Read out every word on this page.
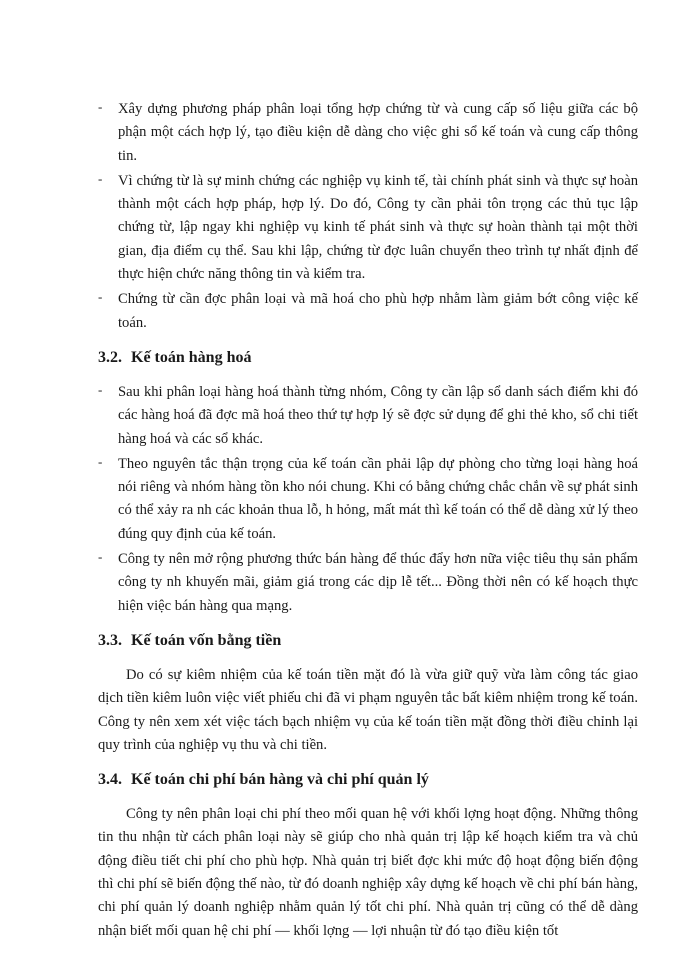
- Xây dựng phương pháp phân loại tổng hợp chứng từ và cung cấp số liệu giữa các bộ phận một cách hợp lý, tạo điều kiện dễ dàng cho việc ghi sổ kế toán và cung cấp thông tin.
- Vì chứng từ là sự minh chứng các nghiệp vụ kinh tế, tài chính phát sinh và thực sự hoàn thành một cách hợp pháp, hợp lý. Do đó, Công ty cần phải tôn trọng các thủ tục lập chứng từ, lập ngay khi nghiệp vụ kinh tế phát sinh và thực sự hoàn thành tại một thời gian, địa điểm cụ thể. Sau khi lập, chứng từ đợc luân chuyển theo trình tự nhất định để thực hiện chức năng thông tin và kiểm tra.
- Chứng từ cần đợc phân loại và mã hoá cho phù hợp nhằm làm giảm bớt công việc kế toán.
3.2. Kế toán hàng hoá
- Sau khi phân loại hàng hoá thành từng nhóm, Công ty cần lập sổ danh sách điểm khi đó các hàng hoá đã đợc mã hoá theo thứ tự hợp lý sẽ đợc sử dụng để ghi thẻ kho, sổ chi tiết hàng hoá và các sổ khác.
- Theo nguyên tắc thận trọng của kế toán cần phải lập dự phòng cho từng loại hàng hoá nói riêng và nhóm hàng tồn kho nói chung. Khi có bằng chứng chắc chắn về sự phát sinh có thể xảy ra nh các khoản thua lỗ, h hỏng, mất mát thì kế toán có thể dễ dàng xử lý theo đúng quy định của kế toán.
- Công ty nên mở rộng phương thức bán hàng để thúc đẩy hơn nữa việc tiêu thụ sản phẩm công ty nh khuyến mãi, giảm giá trong các dịp lễ tết... Đồng thời nên có kế hoạch thực hiện việc bán hàng qua mạng.
3.3. Kế toán vốn bằng tiền

Do có sự kiêm nhiệm của kế toán tiền mặt đó là vừa giữ quỹ vừa làm công tác giao dịch tiền kiêm luôn việc viết phiếu chi đã vi phạm nguyên tắc bất kiêm nhiệm trong kế toán. Công ty nên xem xét việc tách bạch nhiệm vụ của kế toán tiền mặt đồng thời điều chỉnh lại quy trình của nghiệp vụ thu và chi tiền.

3.4. Kế toán chi phí bán hàng và chi phí quản lý

Công ty nên phân loại chi phí theo mối quan hệ với khối lợng hoạt động. Những thông tin thu nhận từ cách phân loại này sẽ giúp cho nhà quản trị lập kế hoạch kiểm tra và chủ động điều tiết chi phí cho phù hợp. Nhà quản trị biết đợc khi mức độ hoạt động biến động thì chi phí sẽ biến động thế nào, từ đó doanh nghiệp xây dựng kế hoạch về chi phí bán hàng, chi phí quản lý doanh nghiệp nhằm quản lý tốt chi phí. Nhà quản trị cũng có thể dễ dàng nhận biết mối quan hệ chi phí — khối lợng — lợi nhuận từ đó tạo điều kiện tốt
